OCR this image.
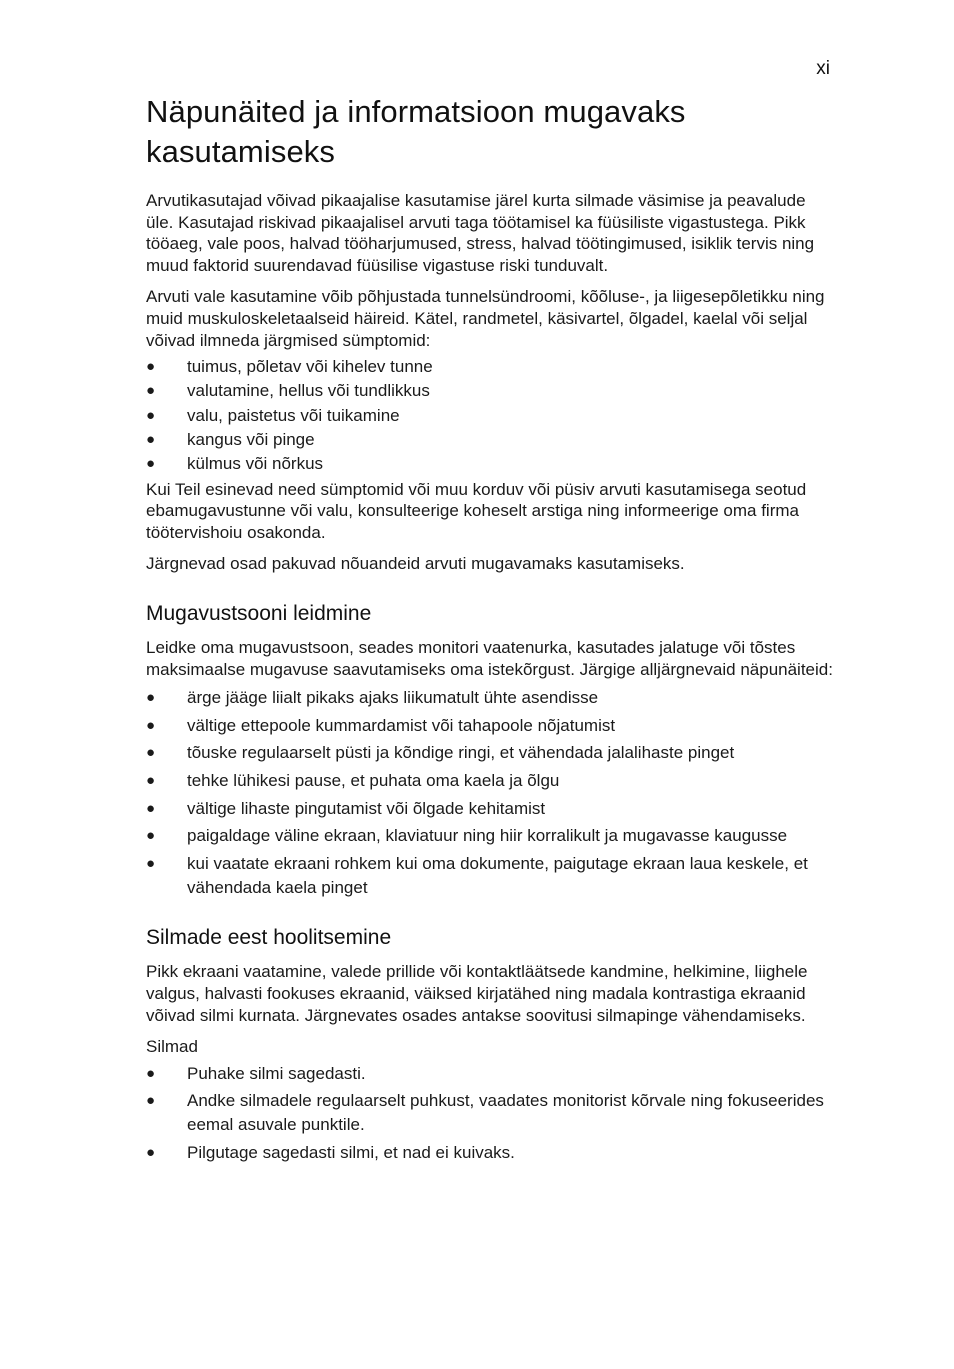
xi
Näpunäited ja informatsioon mugavaks kasutamiseks

Arvutikasutajad võivad pikaajalise kasutamise järel kurta silmade väsimise ja peavalude üle. Kasutajad riskivad pikaajalisel arvuti taga töötamisel ka füüsiliste vigastustega. Pikk tööaeg, vale poos, halvad tööharjumused, stress, halvad töötingimused, isiklik tervis ning muud faktorid suurendavad füüsilise vigastuse riski tunduvalt.

Arvuti vale kasutamine võib põhjustada tunnelsündroomi, kõõluse-, ja liigesepõletikku ning muid muskuloskeletaalseid häireid. Kätel, randmetel, käsivartel, õlgadel, kaelal või seljal võivad ilmneda järgmised sümptomid:

● tuimus, põletav või kihelev tunne
● valutamine, hellus või tundlikkus
● valu, paistetus või tuikamine
● kangus või pinge
● külmus või nõrkus

Kui Teil esinevad need sümptomid või muu korduv või püsiv arvuti kasutamisega seotud ebamugavustunne või valu, konsulteerige koheselt arstiga ning informeerige oma firma töötervishoiu osakonda.

Järgnevad osad pakuvad nõuandeid arvuti mugavamaks kasutamiseks.

Mugavustsooni leidmine

Leidke oma mugavustsoon, seades monitori vaatenurka, kasutades jalatuge või tõstes maksimaalse mugavuse saavutamiseks oma istekõrgust. Järgige alljärgnevaid näpunäiteid:

● ärge jääge liialt pikaks ajaks liikumatult ühte asendisse
● vältige ettepoole kummardamist või tahapoole nõjatumist
● tõuske regulaarselt püsti ja kõndige ringi, et vähendada jalalihaste pinget
● tehke lühikesi pause, et puhata oma kaela ja õlgu
● vältige lihaste pingutamist või õlgade kehitamist
● paigaldage väline ekraan, klaviatuur ning hiir korralikult ja mugavasse kaugusse
● kui vaatate ekraani rohkem kui oma dokumente, paigutage ekraan laua keskele, et vähendada kaela pinget
Silmade eest hoolitsemine

Pikk ekraani vaatamine, valede prillide või kontaktläätsede kandmine, helkimine, liighele valgus, halvasti fookuses ekraanid, väiksed kirjatähed ning madala kontrastiga ekraanid võivad silmi kurnata. Järgnevates osades antakse soovitusi silmapinge vähendamiseks.

Silmad

● Puhake silmi sagedasti.
● Andke silmadele regulaarselt puhkust, vaadates monitorist kõrvale ning fokuseerides eemal asuvale punktile.
● Pilgutage sagedasti silmi, et nad ei kuivaks.
